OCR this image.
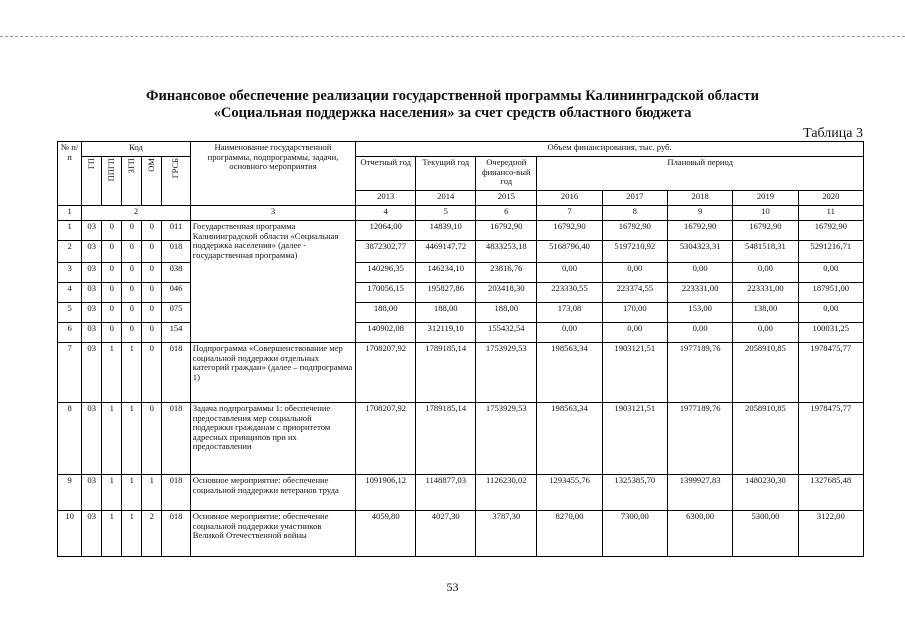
Финансовое обеспечение реализации государственной программы Калининградской области
«Социальная поддержка населения» за счет средств областного бюджета
Таблица 3
№ п/п	Код					Наименование государственной программы, подпрограммы, задачи, основного мероприятия	Объем финансирования, тыс. руб.							
	ГП	ППГП	ЗГП	ОМ	ГРСБ		Отчетный год	Текущий год	Очередной финансо-вый год	Плановый период				
							2013	2014	2015	2016	2017	2018	2019	2020
1	2					3	4	5	6	7	8	9	10	11
1	03	0	0	0	011	Государственная программа Калининградской области «Социальная поддержка населения» (далее - государственная программа)	12064,00	14839,10	16792,90	16792,90	16792,90	16792,90	16792,90	16792,90
2	03	0	0	0	018		3872302,77	4469147,72	4833253,18	5168796,40	5197210,92	5304323,31	5481518,31	5291216,71
3	03	0	0	0	038		140296,35	146234,10	23816,76	0,00	0,00	0,00	0,00	0,00
4	03	0	0	0	046		170056,15	195827,86	203418,30	223330,55	223374,55	223331,00	223331,00	187951,00
5	03	0	0	0	075		188,00	188,00	188,00	173,08	170,00	153,00	138,00	0,00
6	03	0	0	0	154		140902,08	312119,10	155432,54	0,00	0,00	0,00	0,00	100031,25
7	03	1	1	0	018	Подпрограмма «Совершенствование мер социальной поддержки отдельных категорий граждан» (далее – подпрограмма 1)	1708207,92	1789185,14	1753929,53	198563,34	1903121,51	1977189,76	2058910,85	1978475,77
8	03	1	1	0	018	Задача подпрограммы 1: обеспечение предоставления мер социальной поддержки гражданам с приоритетом адресных принципов при их предоставлении	1708207,92	1789185,14	1753929,53	198563,34	1903121,51	1977189,76	2058910,85	1978475,77
9	03	1	1	1	018	Основное мероприятие: обеспечение социальной поддержки ветеранов труда	1091906,12	1148877,03	1126230,02	1293455,76	1325385,70	1399927,83	1480230,30	1327685,48
10	03	1	1	2	018	Основное мероприятие: обеспечение социальной поддержки участников Великой Отечественной войны	4059,80	4027,30	3787,30	8270,00	7300,00	6300,00	5300,00	3122,00
53
